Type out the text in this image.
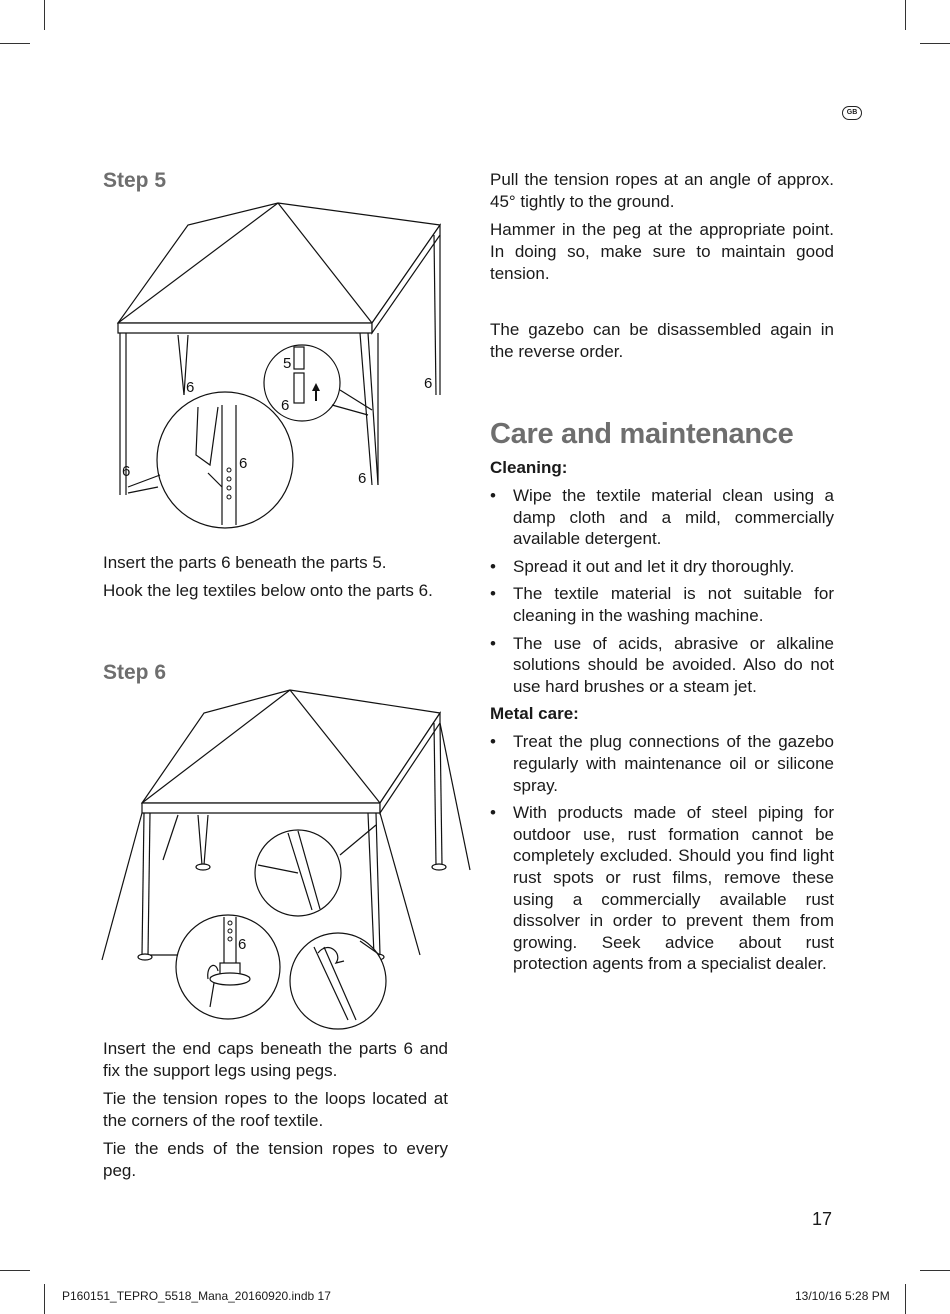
GB
Step 5
5
6
6	6
6	6
6

Insert the parts 6 beneath the parts 5.

Hook the leg textiles below onto the parts 6.

Step 6
6

Insert the end caps beneath the parts 6 and fix the support legs using pegs.

Tie the tension ropes to the loops located at the corners of the roof textile.

Tie the ends of the tension ropes to every peg.

Pull the tension ropes at an angle of approx. 45° tightly to the ground.

Hammer in the peg at the appropriate point. In doing so, make sure to maintain good tension.

The gazebo can be disassembled again in the reverse order.

Care and maintenance
Cleaning:
• Wipe the textile material clean using a damp cloth and a mild, commercially available detergent.
• Spread it out and let it dry thoroughly.
• The textile material is not suitable for cleaning in the washing machine.
• The use of acids, abrasive or alkaline solutions should be avoided. Also do not use hard brushes or a steam jet.
Metal care:
• Treat the plug connections of the gazebo regularly with maintenance oil or silicone spray.
• With products made of steel piping for outdoor use, rust formation cannot be completely excluded. Should you find light rust spots or rust films, remove these using a commercially available rust dissolver in order to prevent them from growing. Seek advice about rust protection agents from a specialist dealer.
17
P160151_TEPRO_5518_Mana_20160920.indb 17	13/10/16 5:28 PM
